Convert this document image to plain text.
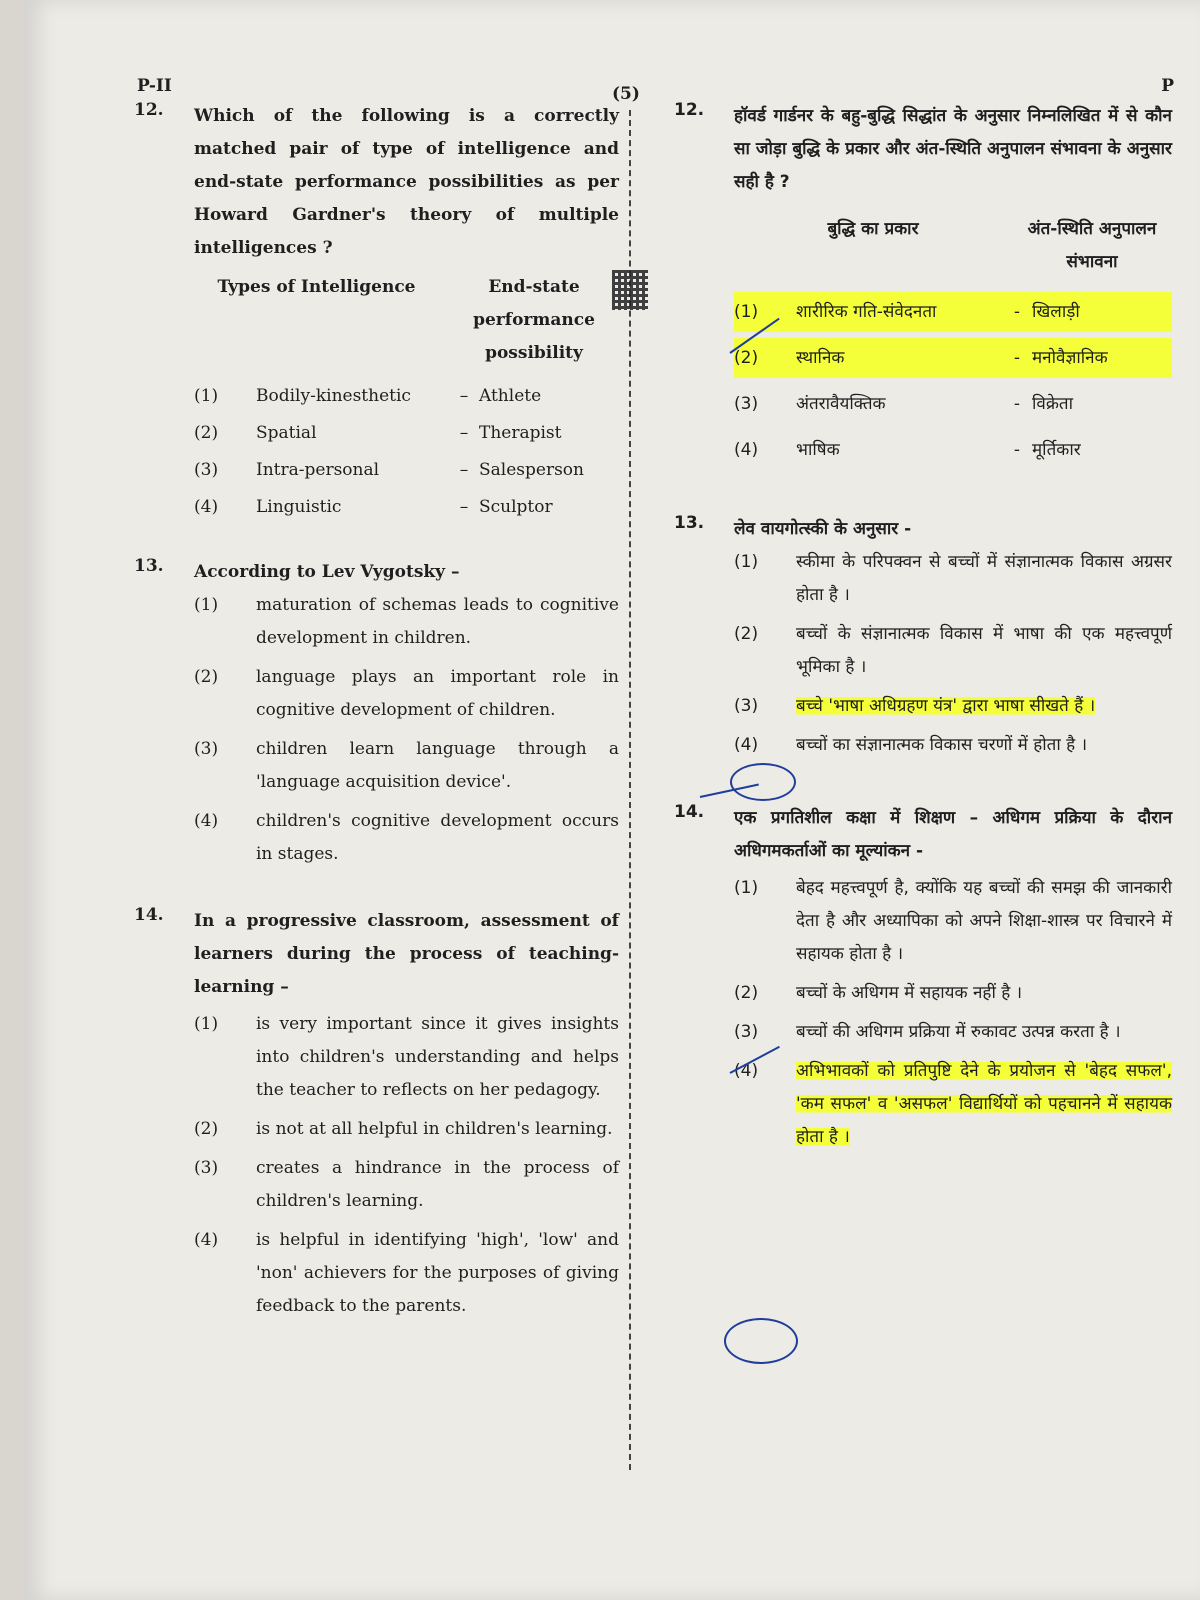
P-II	(5)	P
12.	Which of the following is a correctly matched pair of type of intelligence and end-state performance possibilities as per Howard Gardner's theory of multiple intelligences ?
Types of Intelligence	End-state performance possibility
(1)	Bodily-kinesthetic	– Athlete
(2)	Spatial	– Therapist
(3)	Intra-personal	– Salesperson
(4)	Linguistic	– Sculptor
13.	According to Lev Vygotsky –
(1)	maturation of schemas leads to cognitive development in children.
(2)	language plays an important role in cognitive development of children.
(3)	children learn language through a 'language acquisition device'.
(4)	children's cognitive development occurs in stages.
14.	In a progressive classroom, assessment of learners during the process of teaching-learning –
(1)	is very important since it gives insights into children's understanding and helps the teacher to reflects on her pedagogy.
(2)	is not at all helpful in children's learning.
(3)	creates a hindrance in the process of children's learning.
(4)	is helpful in identifying 'high', 'low' and 'non' achievers for the purposes of giving feedback to the parents.
12.	हॉवर्ड गार्डनर के बहु-बुद्धि सिद्धांत के अनुसार निम्नलिखित में से कौन सा जोड़ा बुद्धि के प्रकार और अंत-स्थिति अनुपालन संभावना के अनुसार सही है ?
बुद्धि का प्रकार	अंत-स्थिति अनुपालन संभावना
(1)	शारीरिक गति-संवेदनता	- खिलाड़ी
(2)	स्थानिक	- मनोवैज्ञानिक
(3)	अंतरावैयक्तिक	- विक्रेता
(4)	भाषिक	- मूर्तिकार
13.	लेव वायगोत्स्की के अनुसार -
(1)	स्कीमा के परिपक्वन से बच्चों में संज्ञानात्मक विकास अग्रसर होता है ।
(2)	बच्चों के संज्ञानात्मक विकास में भाषा की एक महत्त्वपूर्ण भूमिका है ।
(3)	बच्चे 'भाषा अधिग्रहण यंत्र' द्वारा भाषा सीखते हैं ।
(4)	बच्चों का संज्ञानात्मक विकास चरणों में होता है ।
14.	एक प्रगतिशील कक्षा में शिक्षण – अधिगम प्रक्रिया के दौरान अधिगमकर्ताओं का मूल्यांकन -
(1)	बेहद महत्त्वपूर्ण है, क्योंकि यह बच्चों की समझ की जानकारी देता है और अध्यापिका को अपने शिक्षा-शास्त्र पर विचारने में सहायक होता है ।
(2)	बच्चों के अधिगम में सहायक नहीं है ।
(3)	बच्चों की अधिगम प्रक्रिया में रुकावट उत्पन्न करता है ।
(4)	अभिभावकों को प्रतिपुष्टि देने के प्रयोजन से 'बेहद सफल', 'कम सफल' व 'असफल' विद्यार्थियों को पहचानने में सहायक होता है ।
